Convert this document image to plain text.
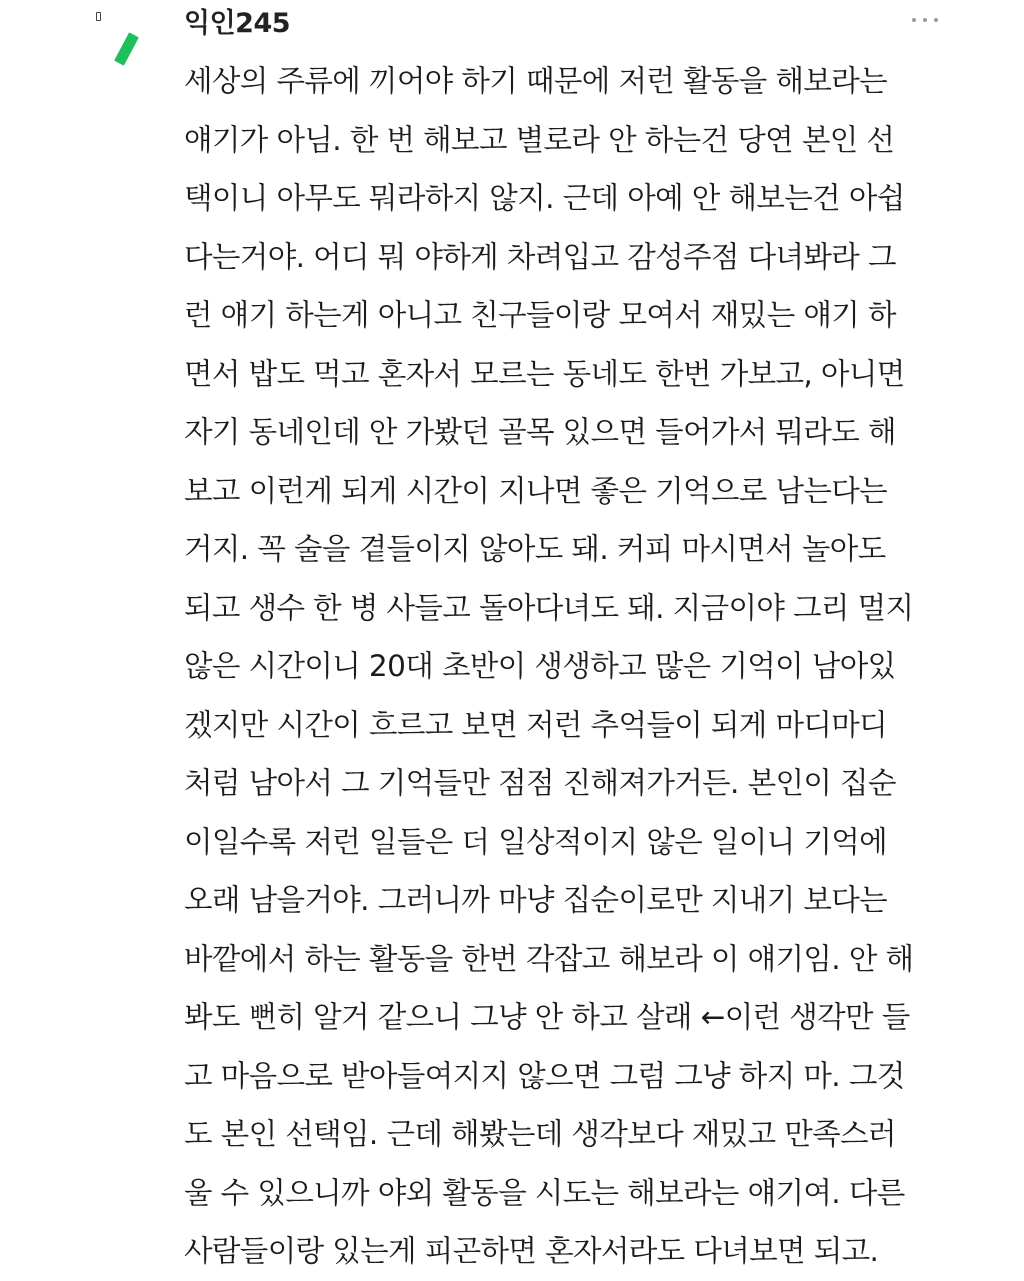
익인245
세상의 주류에 끼어야 하기 때문에 저런 활동을 해보라는
얘기가 아님. 한 번 해보고 별로라 안 하는건 당연 본인 선
택이니 아무도 뭐라하지 않지. 근데 아예 안 해보는건 아쉽
다는거야. 어디 뭐 야하게 차려입고 감성주점 다녀봐라 그
런 얘기 하는게 아니고 친구들이랑 모여서 재밌는 얘기 하
면서 밥도 먹고 혼자서 모르는 동네도 한번 가보고, 아니면
자기 동네인데 안 가봤던 골목 있으면 들어가서 뭐라도 해
보고 이런게 되게 시간이 지나면 좋은 기억으로 남는다는
거지. 꼭 술을 곁들이지 않아도 돼. 커피 마시면서 놀아도
되고 생수 한 병 사들고 돌아다녀도 돼. 지금이야 그리 멀지
않은 시간이니 20대 초반이 생생하고 많은 기억이 남아있
겠지만 시간이 흐르고 보면 저런 추억들이 되게 마디마디
처럼 남아서 그 기억들만 점점 진해져가거든. 본인이 집순
이일수록 저런 일들은 더 일상적이지 않은 일이니 기억에
오래 남을거야. 그러니까 마냥 집순이로만 지내기 보다는
바깥에서 하는 활동을 한번 각잡고 해보라 이 얘기임. 안 해
봐도 뻔히 알거 같으니 그냥 안 하고 살래 ←이런 생각만 들
고 마음으로 받아들여지지 않으면 그럼 그냥 하지 마. 그것
도 본인 선택임. 근데 해봤는데 생각보다 재밌고 만족스러
울 수 있으니까 야외 활동을 시도는 해보라는 얘기여. 다른
사람들이랑 있는게 피곤하면 혼자서라도 다녀보면 되고.
